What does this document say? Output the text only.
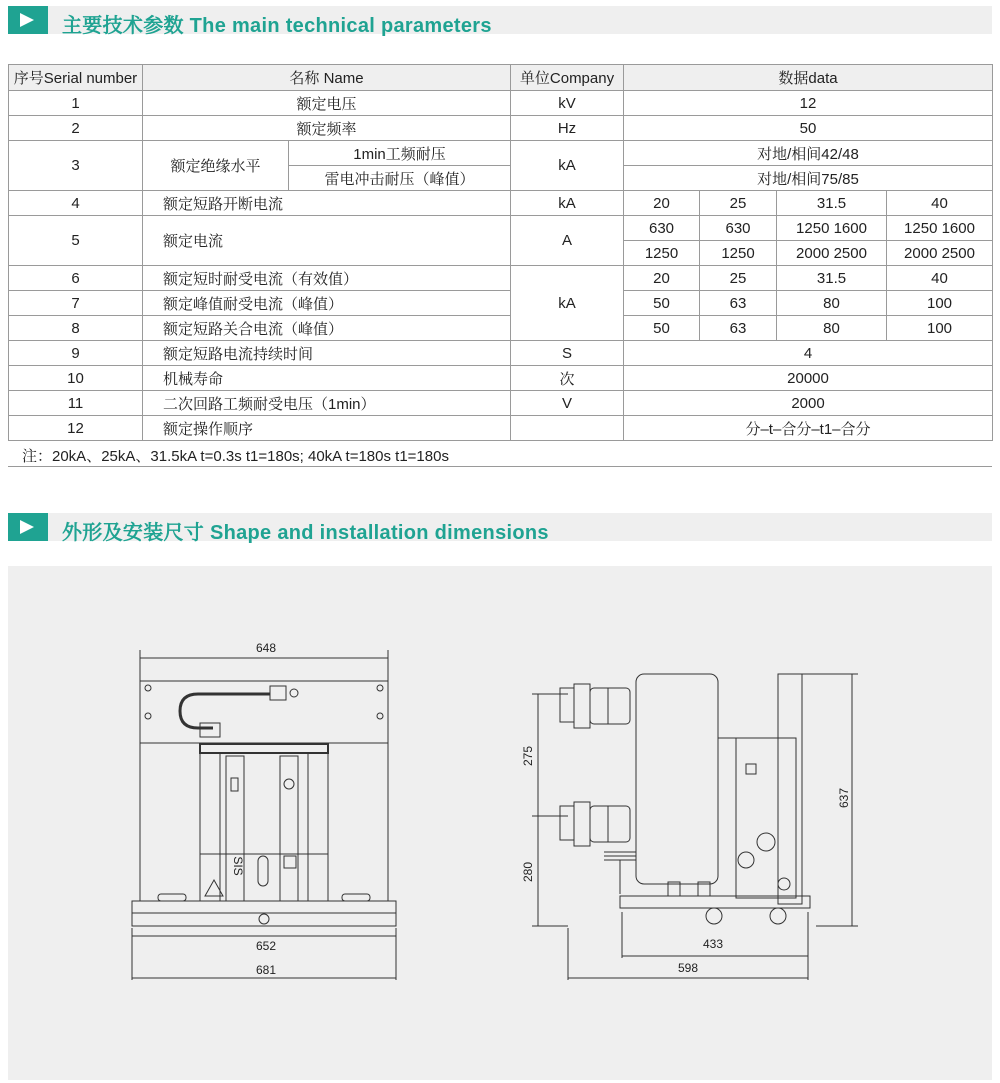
主要技术参数 The main technical parameters
序号Serial number	名称 Name		单位Company	数据data			
1	额定电压		kV	12			
2	额定频率		Hz	50			
3	额定绝缘水平	1min工频耐压	kA	对地/相间42/48			
		雷电冲击耐压（峰值）		对地/相间75/85			
4	额定短路开断电流		kA	20	25	31.5	40
5	额定电流		A	630	630	1250 1600	1250 1600
				1250	1250	2000 2500	2000 2500
6	额定短时耐受电流（有效值）		kA	20	25	31.5	40
7	额定峰值耐受电流（峰值）			50	63	80	100
8	额定短路关合电流（峰值）			50	63	80	100
9	额定短路电流持续时间		S	4			
10	机械寿命		次	20000			
11	二次回路工频耐受电压（1min）		V	2000			
12	额定操作顺序			分–t–合分–t1–合分			
注：20kA、25kA、31.5kA t=0.3s t1=180s; 40kA t=180s t1=180s
外形及安装尺寸 Shape and installation dimensions
648
652
681
SIS
275
280
637
433
598
